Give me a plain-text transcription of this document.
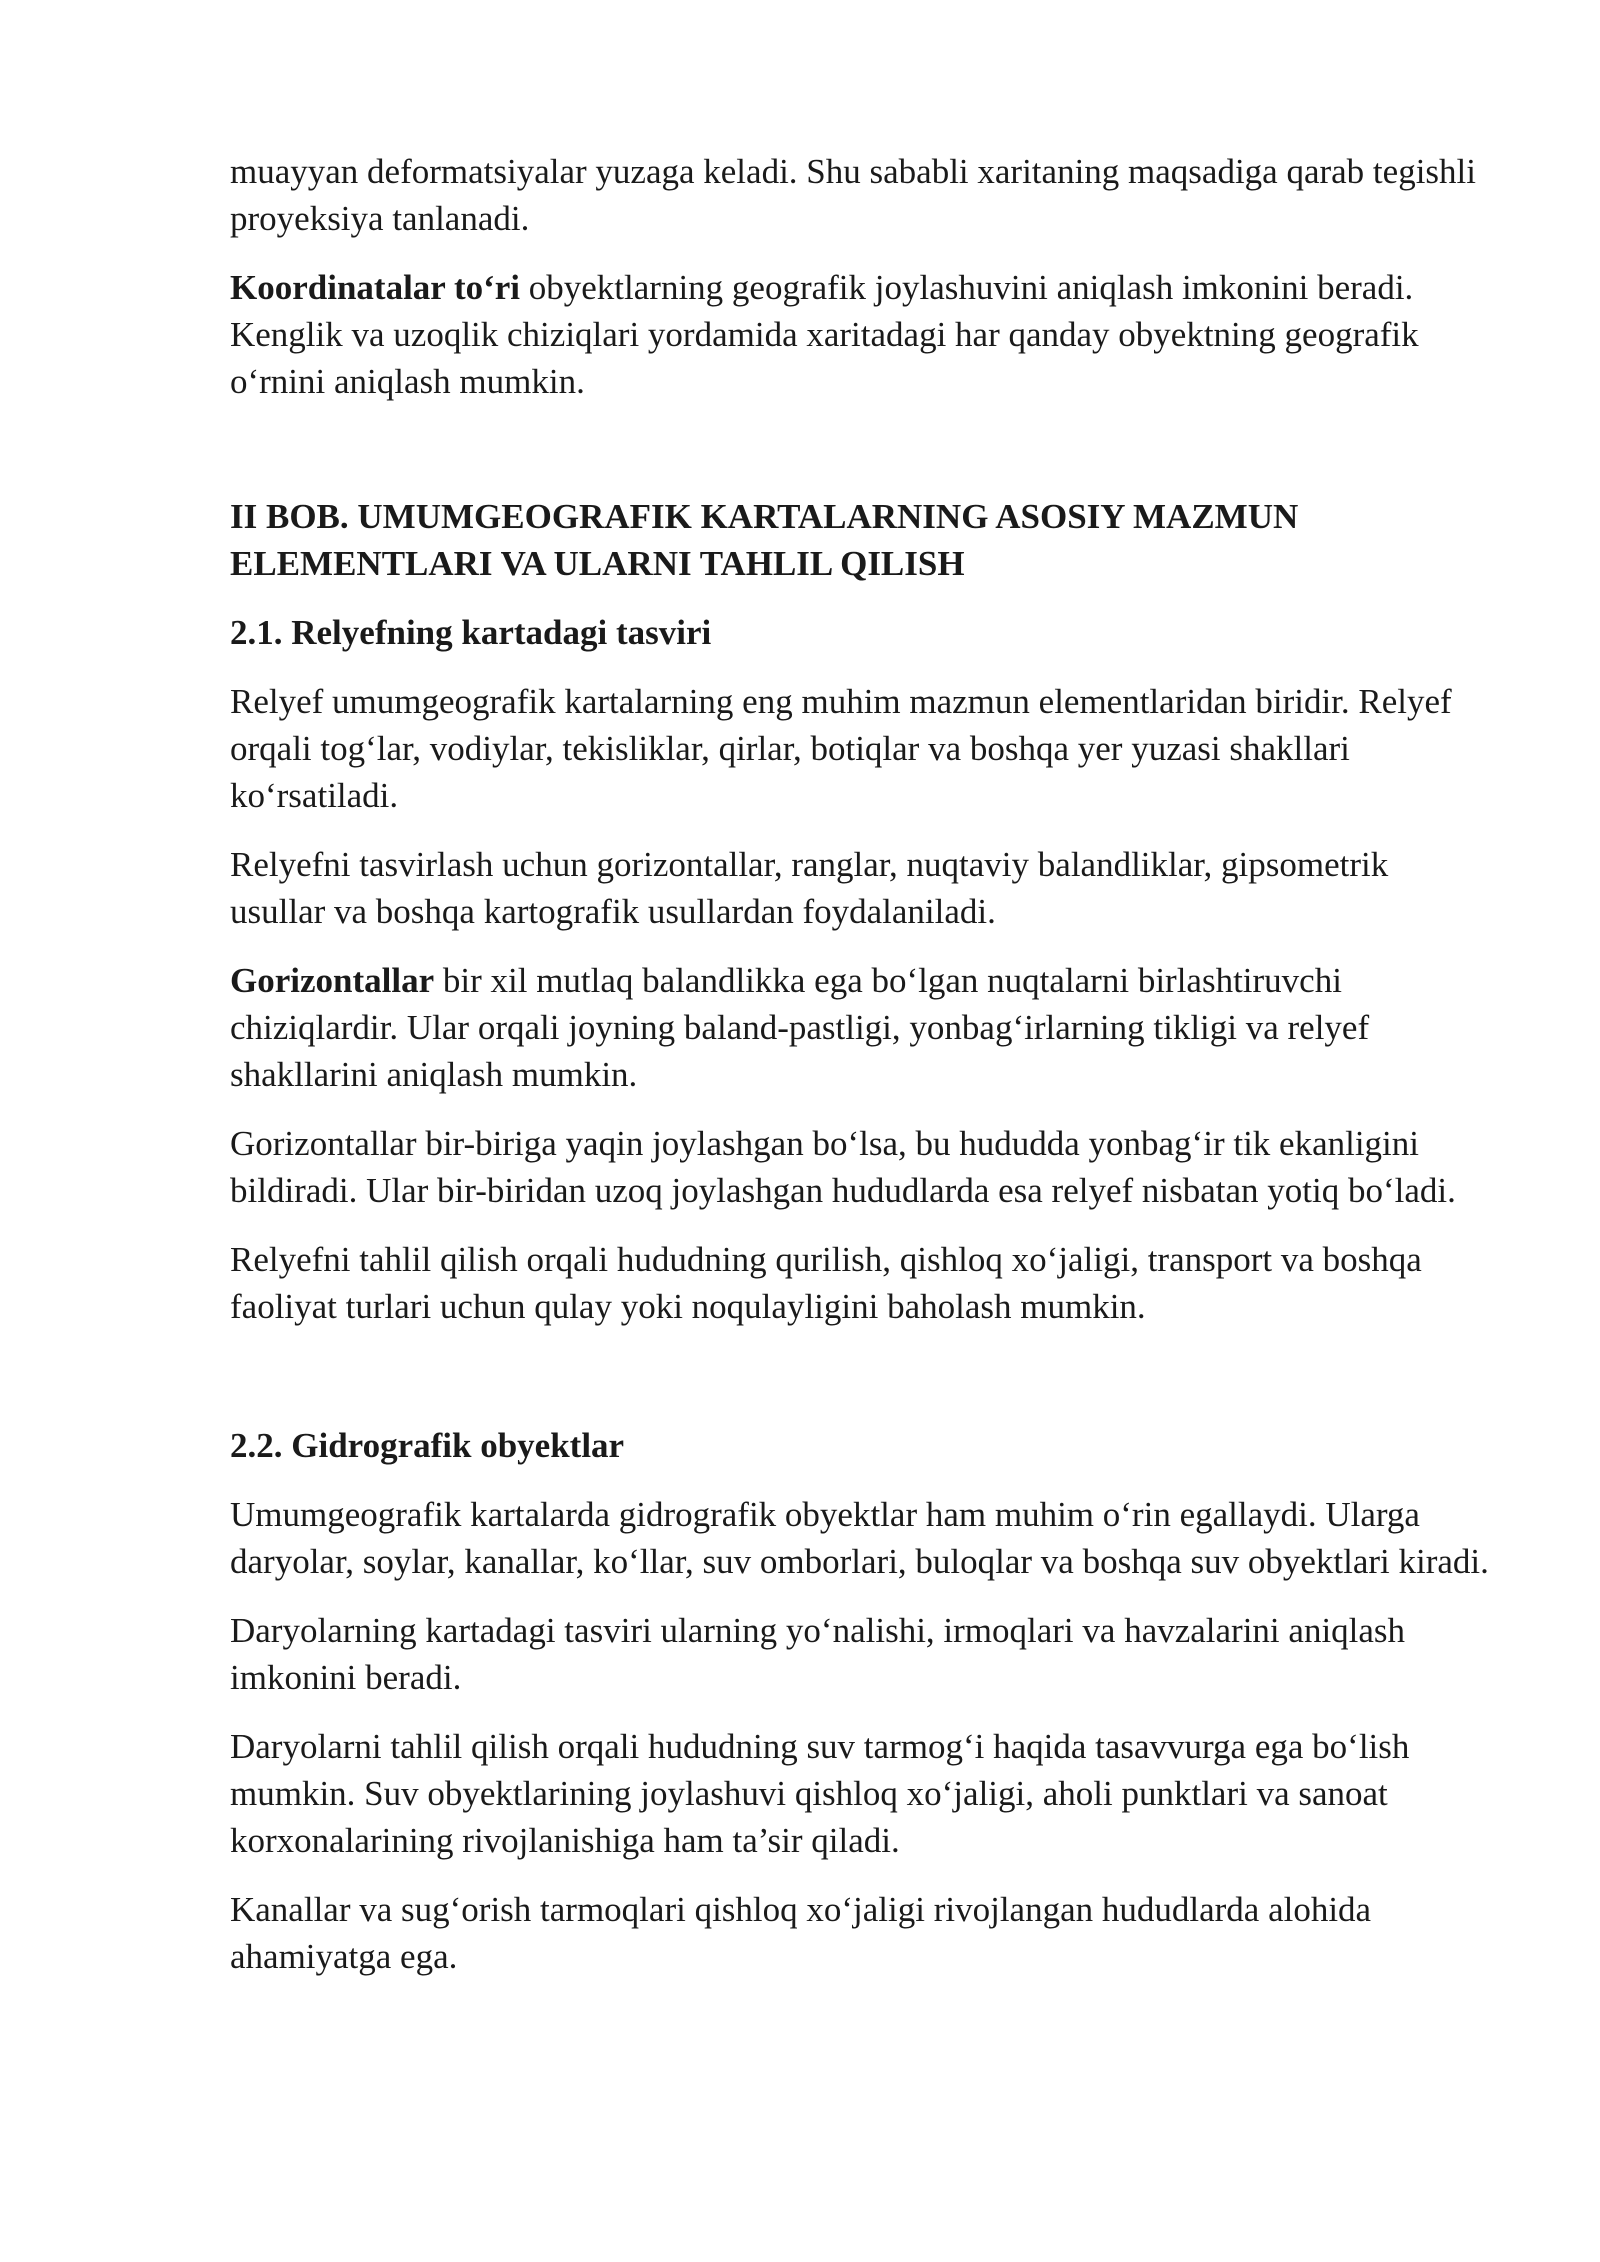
muayyan deformatsiyalar yuzaga keladi. Shu sababli xaritaning maqsadiga qarab tegishli proyeksiya tanlanadi.

Koordinatalar to‘ri obyektlarning geografik joylashuvini aniqlash imkonini beradi. Kenglik va uzoqlik chiziqlari yordamida xaritadagi har qanday obyektning geografik o‘rnini aniqlash mumkin.

II BOB. UMUMGEOGRAFIK KARTALARNING ASOSIY MAZMUN ELEMENTLARI VA ULARNI TAHLIL QILISH
2.1. Relyefning kartadagi tasviri

Relyef umumgeografik kartalarning eng muhim mazmun elementlaridan biridir. Relyef orqali tog‘lar, vodiylar, tekisliklar, qirlar, botiqlar va boshqa yer yuzasi shakllari ko‘rsatiladi.

Relyefni tasvirlash uchun gorizontallar, ranglar, nuqtaviy balandliklar, gipsometrik usullar va boshqa kartografik usullardan foydalaniladi.

Gorizontallar bir xil mutlaq balandlikka ega bo‘lgan nuqtalarni birlashtiruvchi chiziqlardir. Ular orqali joyning baland-pastligi, yonbag‘irlarning tikligi va relyef shakllarini aniqlash mumkin.

Gorizontallar bir-biriga yaqin joylashgan bo‘lsa, bu hududda yonbag‘ir tik ekanligini bildiradi. Ular bir-biridan uzoq joylashgan hududlarda esa relyef nisbatan yotiq bo‘ladi.

Relyefni tahlil qilish orqali hududning qurilish, qishloq xo‘jaligi, transport va boshqa faoliyat turlari uchun qulay yoki noqulayligini baholash mumkin.

2.2. Gidrografik obyektlar

Umumgeografik kartalarda gidrografik obyektlar ham muhim o‘rin egallaydi. Ularga daryolar, soylar, kanallar, ko‘llar, suv omborlari, buloqlar va boshqa suv obyektlari kiradi.

Daryolarning kartadagi tasviri ularning yo‘nalishi, irmoqlari va havzalarini aniqlash imkonini beradi.

Daryolarni tahlil qilish orqali hududning suv tarmog‘i haqida tasavvurga ega bo‘lish mumkin. Suv obyektlarining joylashuvi qishloq xo‘jaligi, aholi punktlari va sanoat korxonalarining rivojlanishiga ham ta’sir qiladi.

Kanallar va sug‘orish tarmoqlari qishloq xo‘jaligi rivojlangan hududlarda alohida ahamiyatga ega.
